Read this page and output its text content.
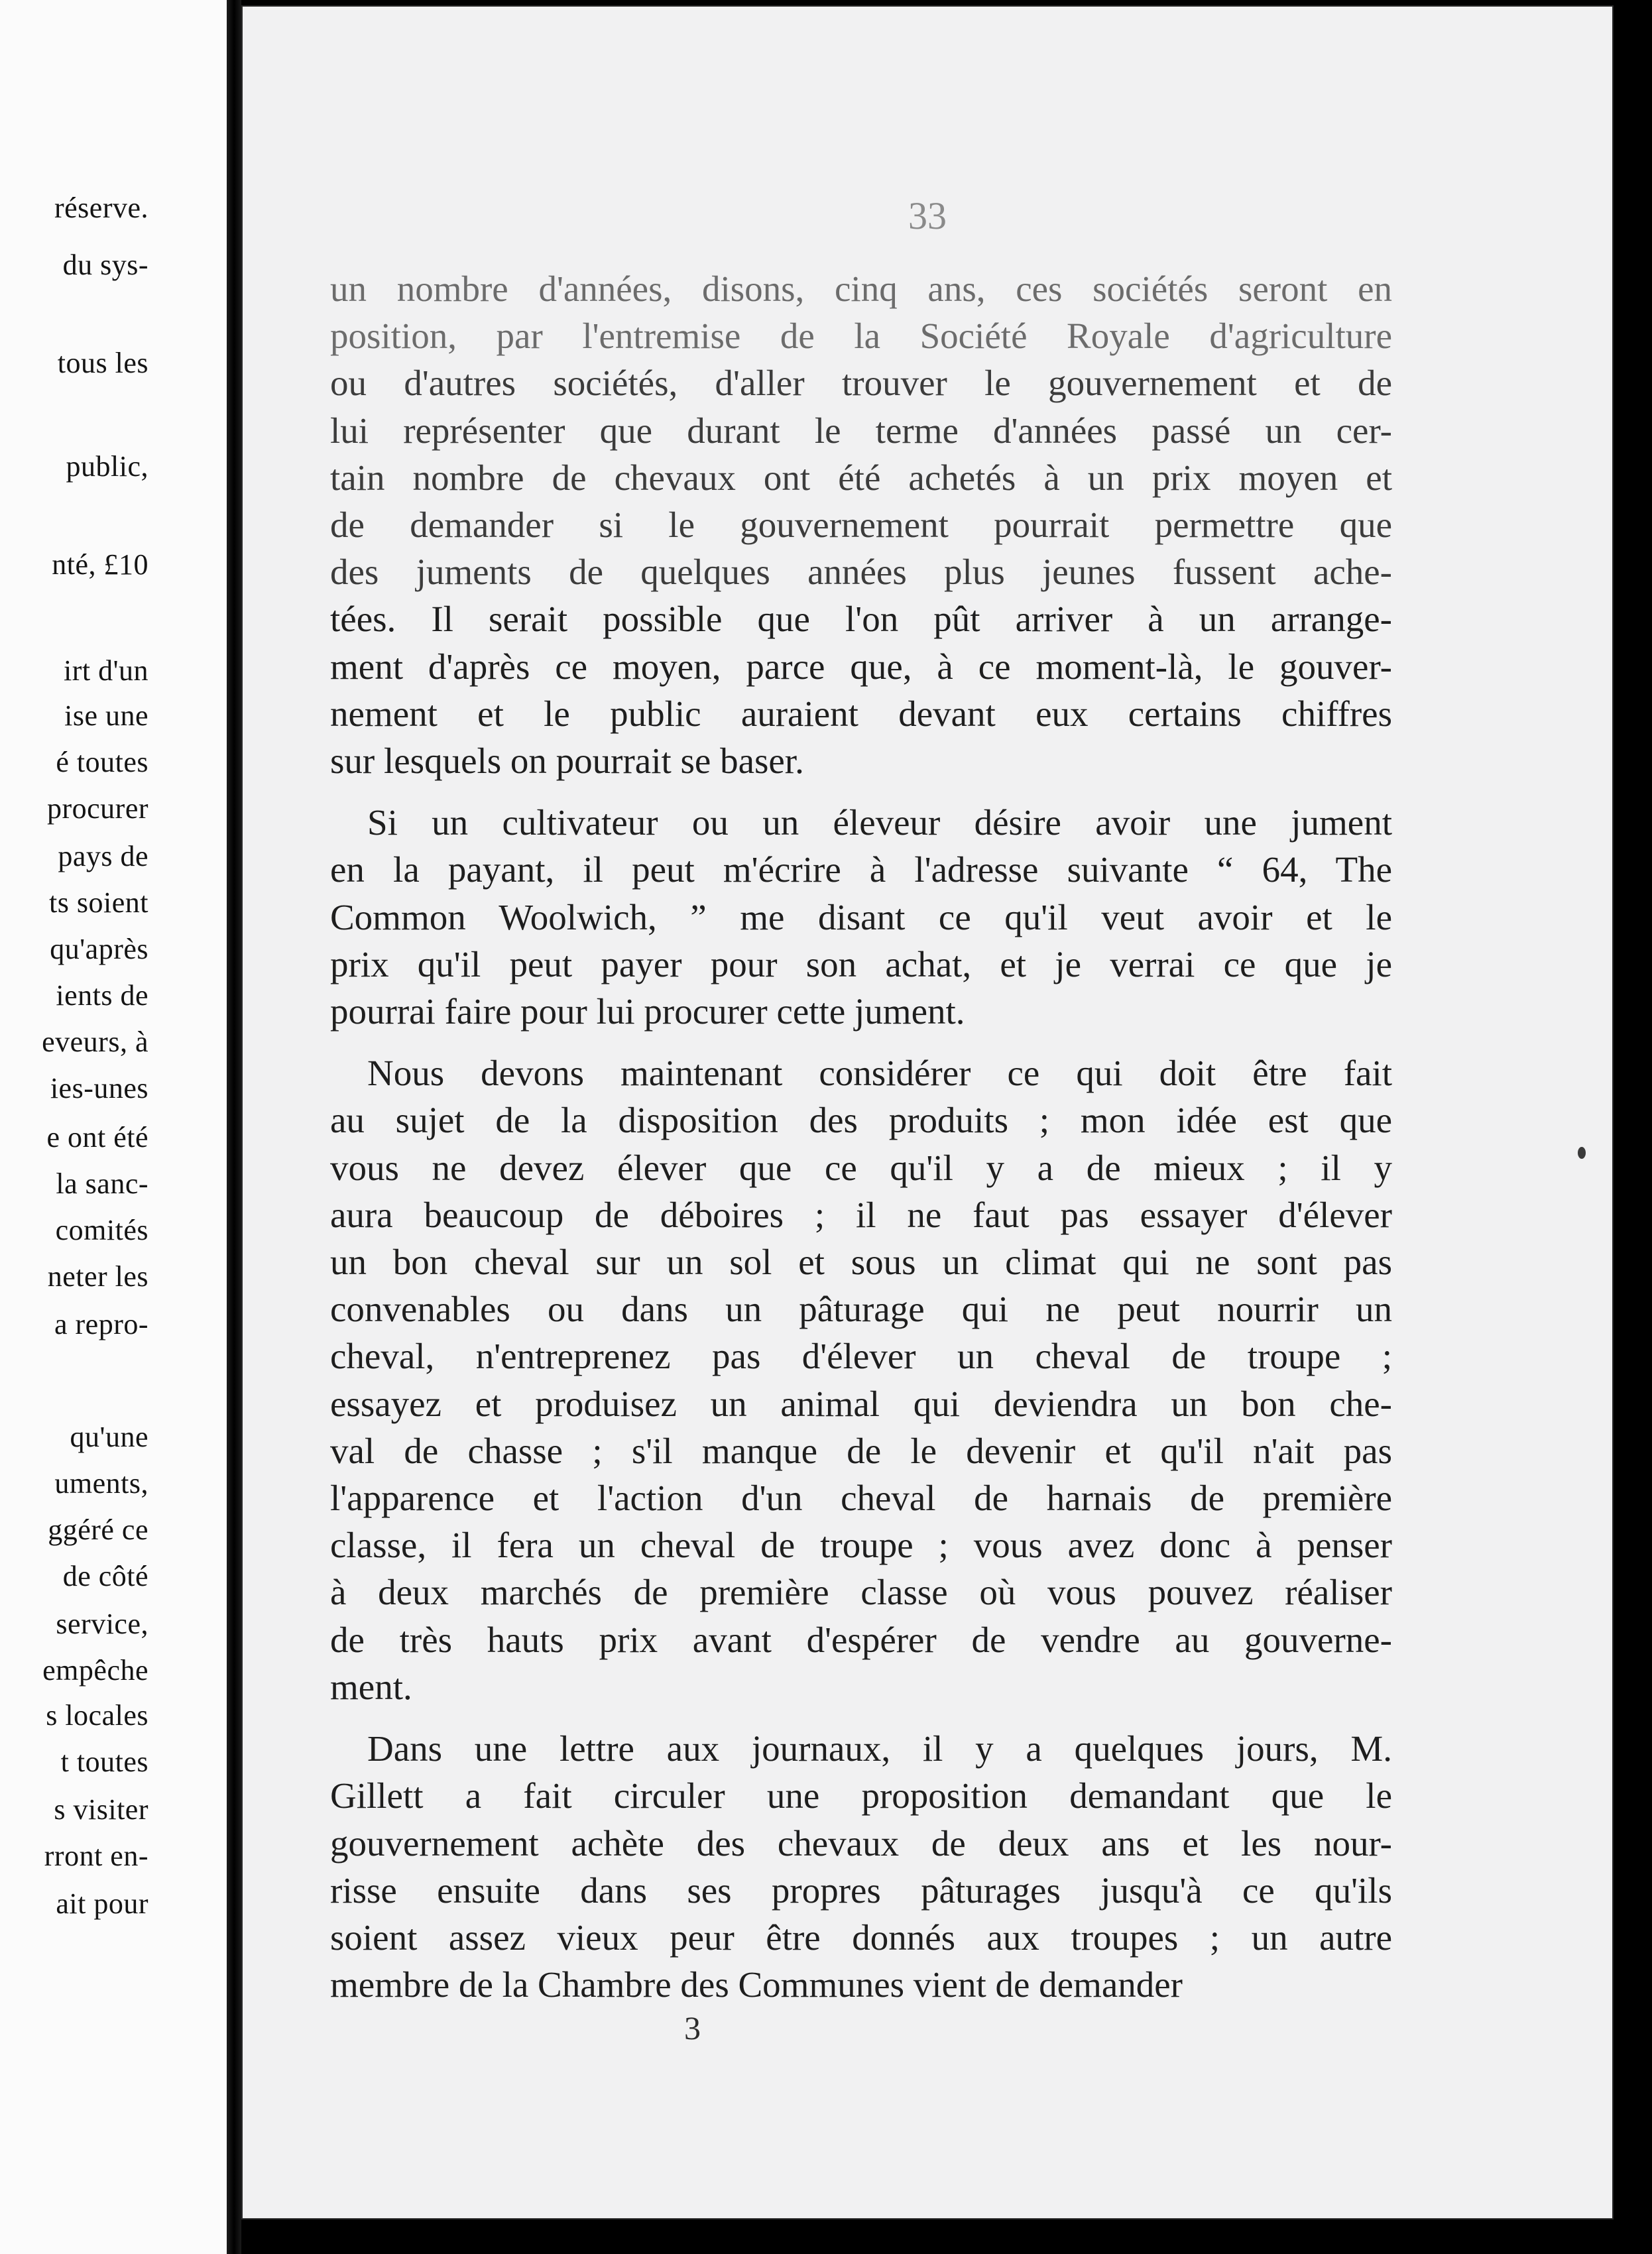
réserve.
du sys-
tous les
public,
nté, £10
irt d'un
ise une
é toutes
procurer
pays de
ts soient
qu'après
ients de
eveurs, à
ies-unes
e ont été
la sanc-
comités
neter les
a repro-
qu'une
uments,
ggéré ce
de côté
service,
empêche
s locales
t toutes
s visiter
rront en-
ait pour
33

un nombre d'années, disons, cinq ans, ces sociétés seront en

position, par l'entremise de la Société Royale d'agriculture

ou d'autres sociétés, d'aller trouver le gouvernement et de

lui représenter que durant le terme d'années passé un cer-

tain nombre de chevaux ont été achetés à un prix moyen et

de demander si le gouvernement pourrait permettre que

des juments de quelques années plus jeunes fussent ache-

tées. Il serait possible que l'on pût arriver à un arrange-

ment d'après ce moyen, parce que, à ce moment-là, le gouver-

nement et le public auraient devant eux certains chiffres

sur lesquels on pourrait se baser.

Si un cultivateur ou un éleveur désire avoir une jument

en la payant, il peut m'écrire à l'adresse suivante “ 64, The

Common Woolwich, ” me disant ce qu'il veut avoir et le

prix qu'il peut payer pour son achat, et je verrai ce que je

pourrai faire pour lui procurer cette jument.

Nous devons maintenant considérer ce qui doit être fait

au sujet de la disposition des produits ; mon idée est que

vous ne devez élever que ce qu'il y a de mieux ; il y

aura beaucoup de déboires ; il ne faut pas essayer d'élever

un bon cheval sur un sol et sous un climat qui ne sont pas

convenables ou dans un pâturage qui ne peut nourrir un

cheval, n'entreprenez pas d'élever un cheval de troupe ;

essayez et produisez un animal qui deviendra un bon che-

val de chasse ; s'il manque de le devenir et qu'il n'ait pas

l'apparence et l'action d'un cheval de harnais de première

classe, il fera un cheval de troupe ; vous avez donc à penser

à deux marchés de première classe où vous pouvez réaliser

de très hauts prix avant d'espérer de vendre au gouverne-

ment.

Dans une lettre aux journaux, il y a quelques jours, M.

Gillett a fait circuler une proposition demandant que le

gouvernement achète des chevaux de deux ans et les nour-

risse ensuite dans ses propres pâturages jusqu'à ce qu'ils

soient assez vieux peur être donnés aux troupes ; un autre

membre de la Chambre des Communes vient de demander

3
